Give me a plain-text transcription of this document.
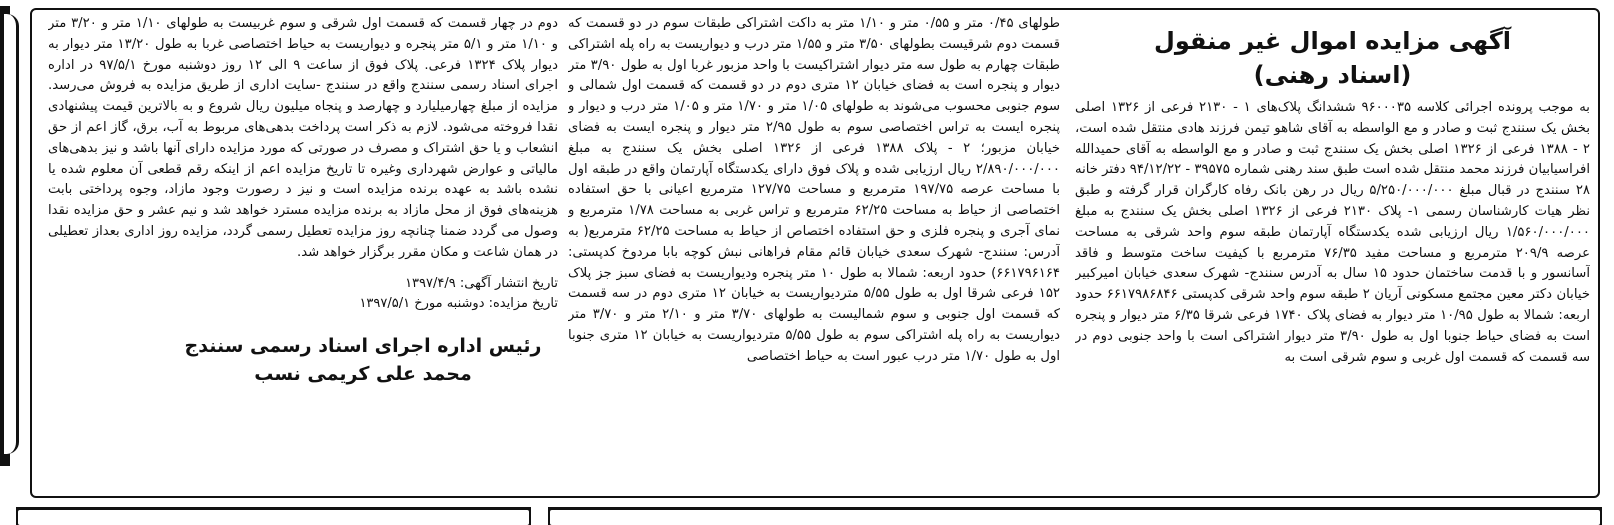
آگهی مزایده اموال غیر منقول
(اسناد رهنی)

به موجب پرونده اجرائی کلاسه ۹۶۰۰۰۳۵ ششدانگ پلاک‌های ۱ - ۲۱۳۰ فرعی از ۱۳۲۶ اصلی بخش یک سنندج ثبت و صادر و مع الواسطه به آقای شاهو تیمن فرزند هادی منتقل شده است، ۲ - ۱۳۸۸ فرعی از ۱۳۲۶ اصلی بخش یک سنندج ثبت و صادر و مع الواسطه به آقای حمیدالله افراسیابیان فرزند محمد منتقل شده است طبق سند رهنی شماره ۳۹۵۷۵ - ۹۴/۱۲/۲۲ دفتر خانه ۲۸ سنندج در قبال مبلغ ۵/۲۵۰/۰۰۰/۰۰۰ ریال در رهن بانک رفاه کارگران قرار گرفته و طبق نظر هیات کارشناسان رسمی ۱- پلاک ۲۱۳۰ فرعی از ۱۳۲۶ اصلی بخش یک سنندج به مبلغ ۱/۵۶۰/۰۰۰/۰۰۰ ریال ارزیابی شده یکدستگاه آپارتمان طبقه سوم واحد شرقی به مساحت عرصه ۲۰۹/۹ مترمربع و مساحت مفید ۷۶/۳۵ مترمربع با کیفیت ساخت متوسط و فاقد آسانسور و با قدمت ساختمان حدود ۱۵ سال به آدرس سنندج- شهرک سعدی خیابان امیرکبیر خیابان دکتر معین مجتمع مسکونی آریان ۲ طبقه سوم واحد شرقی کدپستی ۶۶۱۷۹۸۶۸۴۶ حدود اربعه: شمالا به طول ۱۰/۹۵ متر دیوار به فضای پلاک ۱۷۴۰ فرعی شرقا ۶/۳۵ متر دیوار و پنجره است به فضای حیاط جنوبا اول به طول ۳/۹۰ متر دیوار اشتراکی است با واحد جنوبی دوم در سه قسمت که قسمت اول غربی و سوم شرقی است به

طولهای ۰/۴۵ متر و ۰/۵۵ متر و ۱/۱۰ متر به داکت اشتراکی طبقات سوم در دو قسمت که قسمت دوم شرقیست بطولهای ۳/۵۰ متر و ۱/۵۵ متر درب و دیواریست به راه پله اشتراکی طبقات چهارم به طول سه متر دیوار اشتراکیست با واحد مزبور غربا اول به طول ۳/۹۰ متر دیوار و پنجره است به فضای خیابان ۱۲ متری دوم در دو قسمت که قسمت اول شمالی و سوم جنوبی محسوب می‌شوند به طولهای ۱/۰۵ متر و ۱/۷۰ متر و ۱/۰۵ متر درب و دیوار و پنجره ایست به تراس اختصاصی سوم به طول ۲/۹۵ متر دیوار و پنجره ایست به فضای خیابان مزبور؛ ۲ - پلاک ۱۳۸۸ فرعی از ۱۳۲۶ اصلی بخش یک سنندج به مبلغ ۲/۸۹۰/۰۰۰/۰۰۰ ریال ارزیابی شده و پلاک فوق دارای یکدستگاه آپارتمان واقع در طبقه اول با مساحت عرصه ۱۹۷/۷۵ مترمربع و مساحت ۱۲۷/۷۵ مترمربع اعیانی با حق استفاده اختصاصی از حیاط به مساحت ۶۲/۲۵ مترمربع و تراس غربی به مساحت ۱/۷۸ مترمربع و نمای آجری و پنجره فلزی و حق استفاده اختصاص از حیاط به مساحت ۶۲/۲۵ مترمربع( به آدرس: سنندج- شهرک سعدی خیابان قائم مقام فراهانی نبش کوچه بابا مردوخ کدپستی: ۶۶۱۷۹۶۱۶۴) حدود اربعه: شمالا به طول ۱۰ متر پنجره ودیواریست به فضای سبز جز پلاک ۱۵۲ فرعی شرقا اول به طول ۵/۵۵ متردیواریست به خیابان ۱۲ متری دوم در سه قسمت که قسمت اول جنوبی و سوم شمالیست به طولهای ۳/۷۰ متر و ۲/۱۰ متر و ۳/۷۰ متر دیواریست به راه پله اشتراکی سوم به طول ۵/۵۵ متردیواریست به خیابان ۱۲ متری جنوبا اول به طول ۱/۷۰ متر درب عبور است به حیاط اختصاصی

دوم در چهار قسمت که قسمت اول شرقی و سوم غربیست به طولهای ۱/۱۰ متر و ۳/۲۰ متر و ۱/۱۰ متر و ۵/۱ متر پنجره و دیواریست به حیاط اختصاصی غربا به طول ۱۳/۲۰ متر دیوار به دیوار پلاک ۱۳۲۴ فرعی. پلاک فوق از ساعت ۹ الی ۱۲ روز دوشنبه مورخ ۹۷/۵/۱ در اداره اجرای اسناد رسمی سنندج واقع در سنندج -سایت اداری از طریق مزایده به فروش می‌رسد. مزایده از مبلغ چهارمیلیارد و چهارصد و پنجاه میلیون ریال شروع و به بالاترین قیمت پیشنهادی نقدا فروخته می‌شود. لازم به ذکر است پرداخت بدهی‌های مربوط به آب، برق، گاز اعم از حق انشعاب و یا حق اشتراک و مصرف در صورتی که مورد مزایده دارای آنها باشد و نیز بدهی‌های مالیاتی و عوارض شهرداری وغیره تا تاریخ مزایده اعم از اینکه رقم قطعی آن معلوم شده یا نشده باشد به عهده برنده مزایده است و نیز د رصورت وجود مازاد، وجوه پرداختی بابت هزینه‌های فوق از محل مازاد به برنده مزایده مسترد خواهد شد و نیم عشر و حق مزایده نقدا وصول می گردد ضمنا چنانچه روز مزایده تعطیل رسمی گردد، مزایده روز اداری بعداز تعطیلی در همان شاعت و مکان مقرر برگزار خواهد شد.

تاریخ انتشار آگهی: ۱۳۹۷/۴/۹
تاریخ مزایده: دوشنبه مورخ ۱۳۹۷/۵/۱
رئیس اداره اجرای اسناد رسمی سنندج
محمد علی کریمی نسب
